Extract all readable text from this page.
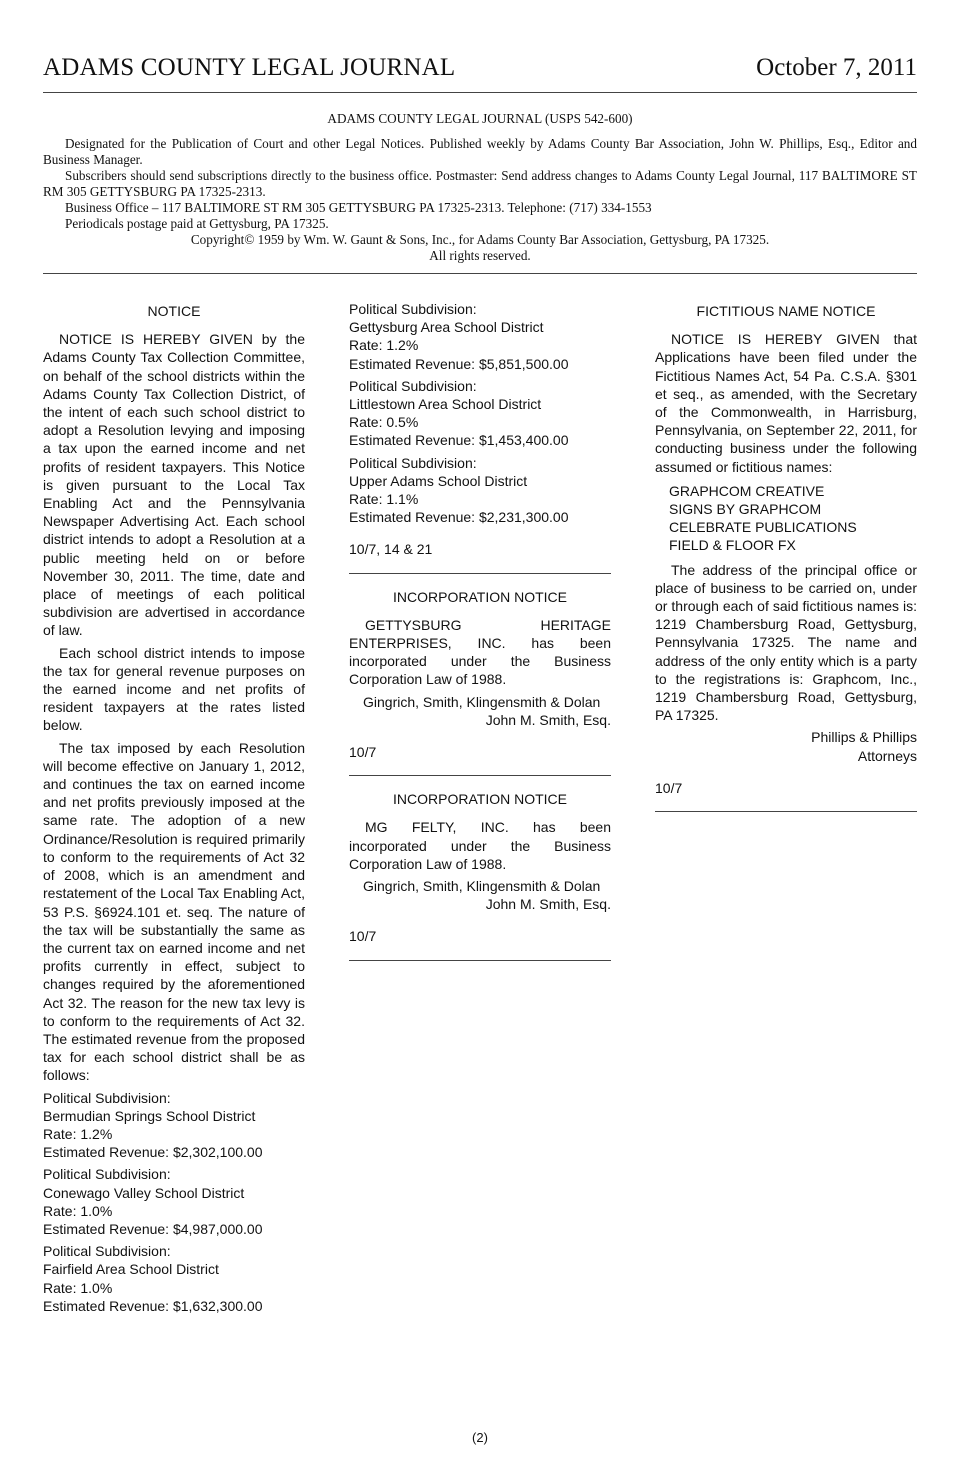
ADAMS COUNTY LEGAL JOURNAL	October 7, 2011

ADAMS COUNTY LEGAL JOURNAL (USPS 542-600)

Designated for the Publication of Court and other Legal Notices. Published weekly by Adams County Bar Association, John W. Phillips, Esq., Editor and Business Manager.

Subscribers should send subscriptions directly to the business office. Postmaster: Send address changes to Adams County Legal Journal, 117 BALTIMORE ST RM 305 GETTYSBURG PA 17325-2313.

Business Office – 117 BALTIMORE ST RM 305 GETTYSBURG PA 17325-2313. Telephone: (717) 334-1553

Periodicals postage paid at Gettysburg, PA 17325.

Copyright© 1959 by Wm. W. Gaunt & Sons, Inc., for Adams County Bar Association, Gettysburg, PA 17325.

All rights reserved.

NOTICE

NOTICE IS HEREBY GIVEN by the Adams County Tax Collection Committee, on behalf of the school districts within the Adams County Tax Collection District, of the intent of each such school district to adopt a Resolution levying and imposing a tax upon the earned income and net profits of resident taxpayers. This Notice is given pursuant to the Local Tax Enabling Act and the Pennsylvania Newspaper Advertising Act. Each school district intends to adopt a Resolution at a public meeting held on or before November 30, 2011. The time, date and place of meetings of each political subdivision are advertised in accordance of law.

Each school district intends to impose the tax for general revenue purposes on the earned income and net profits of resident taxpayers at the rates listed below.

The tax imposed by each Resolution will become effective on January 1, 2012, and continues the tax on earned income and net profits previously imposed at the same rate. The adoption of a new Ordinance/Resolution is required primarily to conform to the requirements of Act 32 of 2008, which is an amendment and restatement of the Local Tax Enabling Act, 53 P.S. §6924.101 et. seq. The nature of the tax will be substantially the same as the current tax on earned income and net profits currently in effect, subject to changes required by the aforementioned Act 32. The reason for the new tax levy is to conform to the requirements of Act 32. The estimated revenue from the proposed tax for each school district shall be as follows:

Political Subdivision:
Bermudian Springs School District
Rate: 1.2%
Estimated Revenue: $2,302,100.00
Political Subdivision:
Conewago Valley School District
Rate: 1.0%
Estimated Revenue: $4,987,000.00
Political Subdivision:
Fairfield Area School District
Rate: 1.0%
Estimated Revenue: $1,632,300.00
Political Subdivision:
Gettysburg Area School District
Rate: 1.2%
Estimated Revenue: $5,851,500.00
Political Subdivision:
Littlestown Area School District
Rate: 0.5%
Estimated Revenue: $1,453,400.00
Political Subdivision:
Upper Adams School District
Rate: 1.1%
Estimated Revenue: $2,231,300.00

10/7, 14 & 21

INCORPORATION NOTICE

GETTYSBURG HERITAGE ENTERPRISES, INC. has been incorporated under the Business Corporation Law of 1988.

Gingrich, Smith, Klingensmith & Dolan

John M. Smith, Esq.

10/7

INCORPORATION NOTICE

MG FELTY, INC. has been incorporated under the Business Corporation Law of 1988.

Gingrich, Smith, Klingensmith & Dolan

John M. Smith, Esq.

10/7

FICTITIOUS NAME NOTICE

NOTICE IS HEREBY GIVEN that Applications have been filed under the Fictitious Names Act, 54 Pa. C.S.A. §301 et seq., as amended, with the Secretary of the Commonwealth, in Harrisburg, Pennsylvania, on September 22, 2011, for conducting business under the following assumed or fictitious names:

GRAPHCOM CREATIVE
SIGNS BY GRAPHCOM
CELEBRATE PUBLICATIONS
FIELD & FLOOR FX

The address of the principal office or place of business to be carried on, under or through each of said fictitious names is: 1219 Chambersburg Road, Gettysburg, Pennsylvania 17325. The name and address of the only entity which is a party to the registrations is: Graphcom, Inc., 1219 Chambersburg Road, Gettysburg, PA 17325.

Phillips & Phillips

Attorneys

10/7

(2)
